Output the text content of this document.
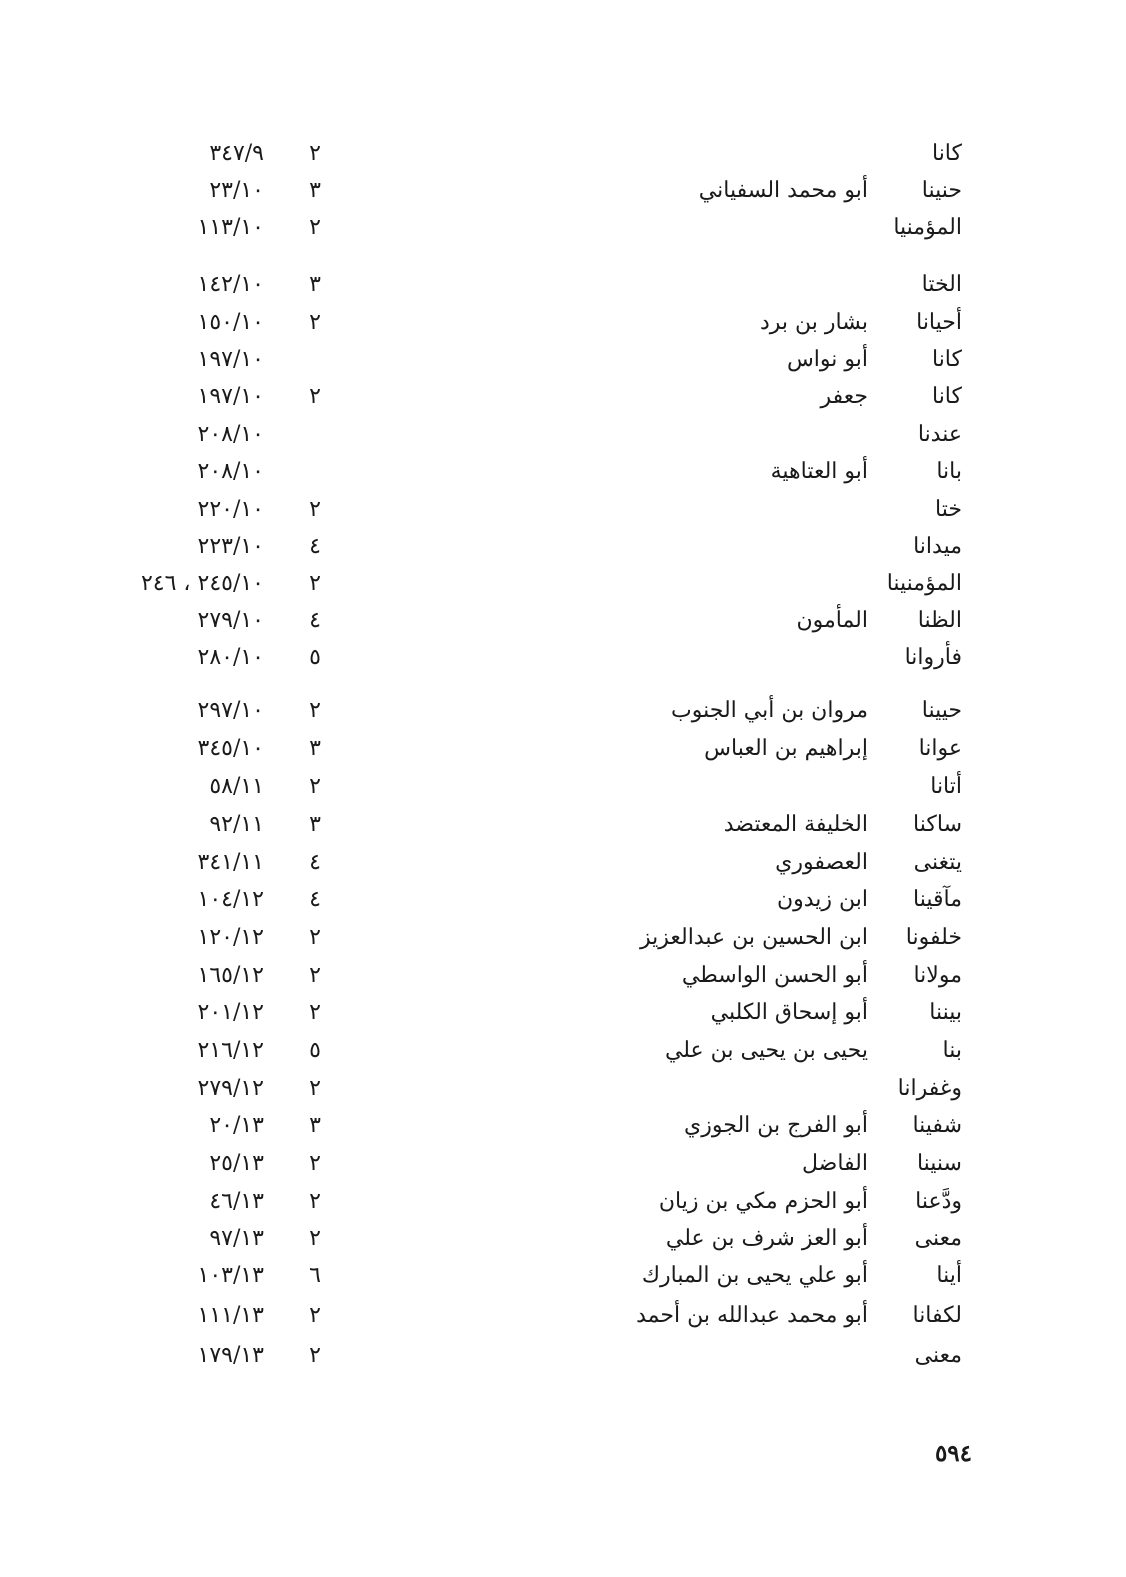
كانا
٢
٣٤٧/٩
حنينا
أبو محمد السفياني
٣
٢٣/١٠
المؤمنيا
٢
١١٣/١٠
الختا
٣
١٤٢/١٠
أحيانا
بشار بن برد
٢
١٥٠/١٠
كانا
أبو نواس
١٩٧/١٠
كانا
جعفر
٢
١٩٧/١٠
عندنا
٢٠٨/١٠
بانا
أبو العتاهية
٢٠٨/١٠
ختا
٢
٢٢٠/١٠
ميدانا
٤
٢٢٣/١٠
المؤمنينا
٢
٢٤٥/١٠ ، ٢٤٦
الظنا
المأمون
٤
٢٧٩/١٠
فأروانا
٥
٢٨٠/١٠
حيينا
مروان بن أبي الجنوب
٢
٢٩٧/١٠
عوانا
إبراهيم بن العباس
٣
٣٤٥/١٠
أتانا
٢
٥٨/١١
ساكنا
الخليفة المعتضد
٣
٩٢/١١
يتغنى
العصفوري
٤
٣٤١/١١
مآقينا
ابن زيدون
٤
١٠٤/١٢
خلفونا
ابن الحسين بن عبدالعزيز
٢
١٢٠/١٢
مولانا
أبو الحسن الواسطي
٢
١٦٥/١٢
بيننا
أبو إسحاق الكلبي
٢
٢٠١/١٢
بنا
يحيى بن يحيى بن علي
٥
٢١٦/١٢
وغفرانا
٢
٢٧٩/١٢
شفينا
أبو الفرج بن الجوزي
٣
٢٠/١٣
سنينا
الفاضل
٢
٢٥/١٣
ودَّعنا
أبو الحزم مكي بن زيان
٢
٤٦/١٣
معنى
أبو العز شرف بن علي
٢
٩٧/١٣
أينا
أبو علي يحيى بن المبارك
٦
١٠٣/١٣
لكفانا
أبو محمد عبدالله بن أحمد
٢
١١١/١٣
معنى
٢
١٧٩/١٣
٥٩٤
